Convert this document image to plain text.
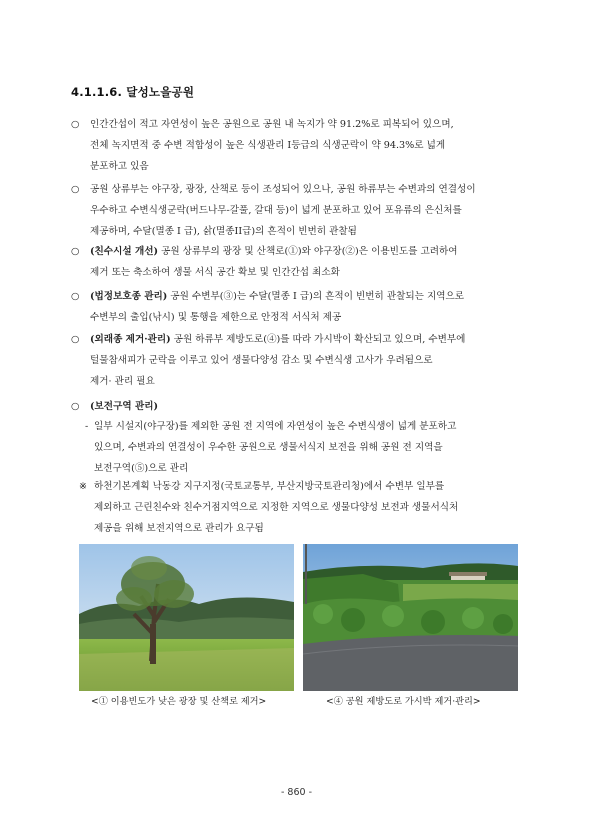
4.1.1.6. 달성노을공원
○ 인간간섭이 적고 자연성이 높은 공원으로 공원 내 녹지가 약 91.2%로 피복되어 있으며,
전체 녹지면적 중 수변 적합성이 높은 식생관리 I등급의 식생군락이 약 94.3%로 넓게
분포하고 있음
○ 공원 상류부는 야구장, 광장, 산책로 등이 조성되어 있으나, 공원 하류부는 수변과의 연결성이
우수하고 수변식생군락(버드나무-갈풀, 갈대 등)이 넓게 분포하고 있어 포유류의 은신처를
제공하며, 수달(멸종 I 급), 삵(멸종II급)의 흔적이 빈번히 관찰됨
○ (친수시설 개선) 공원 상류부의 광장 및 산책로(①)와 야구장(②)은 이용빈도를 고려하여
제거 또는 축소하여 생물 서식 공간 확보 및 인간간섭 최소화
○ (법정보호종 관리) 공원 수변부(③)는 수달(멸종 I 급)의 흔적이 빈번히 관찰되는 지역으로
수변부의 출입(낚시) 및 통행을 제한으로 안정적 서식처 제공
○ (외래종 제거·관리) 공원 하류부 제방도로(④)를 따라 가시박이 확산되고 있으며, 수변부에
털물참새피가 군락을 이루고 있어 생물다양성 감소 및 수변식생 고사가 우려됨으로
제거· 관리 필요
○ (보전구역 관리)
- 일부 시설지(야구장)를 제외한 공원 전 지역에 자연성이 높은 수변식생이 넓게 분포하고
있으며, 수변과의 연결성이 우수한 공원으로 생물서식지 보전을 위해 공원 전 지역을
보전구역(⑤)으로 관리
※ 하천기본계획 낙동강 지구지정(국토교통부, 부산지방국토관리청)에서 수변부 일부를
제외하고 근린친수와 친수거점지역으로 지정한 지역으로 생물다양성 보전과 생물서식처
제공을 위해 보전지역으로 관리가 요구됨
<① 이용빈도가 낮은 광장 및 산책로 제거>	<④ 공원 제방도로 가시박 제거·관리>
- 860 -
